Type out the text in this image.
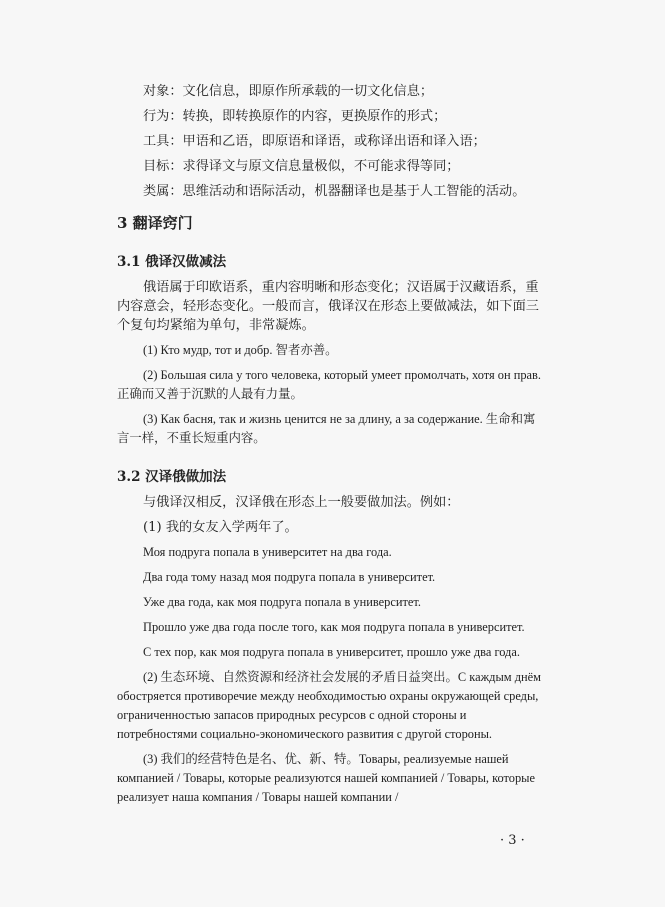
对象：文化信息，即原作所承载的一切文化信息；
行为：转换，即转换原作的内容，更换原作的形式；
工具：甲语和乙语，即原语和译语，或称译出语和译入语；
目标：求得译文与原文信息量极似，不可能求得等同；
类属：思维活动和语际活动，机器翻译也是基于人工智能的活动。
3 翻译窍门
3.1 俄译汉做减法
俄语属于印欧语系，重内容明晰和形态变化；汉语属于汉藏语系，重内容意会，轻形态变化。一般而言，俄译汉在形态上要做减法，如下面三个复句均紧缩为单句，非常凝炼。
(1) Кто мудр, тот и добр. 智者亦善。
(2) Большая сила у того человека, который умеет промолчать, хотя он прав. 正确而又善于沉默的人最有力量。
(3) Как басня, так и жизнь ценится не за длину, а за содержание. 生命和寓言一样，不重长短重内容。
3.2 汉译俄做加法
与俄译汉相反，汉译俄在形态上一般要做加法。例如：
(1) 我的女友入学两年了。
Моя подруга попала в университет на два года.
Два года тому назад моя подруга попала в университет.
Уже два года, как моя подруга попала в университет.
Прошло уже два года после того, как моя подруга попала в университет.
С тех пор, как моя подруга попала в университет, прошло уже два года.
(2) 生态环境、自然资源和经济社会发展的矛盾日益突出。С каждым днём обостряется противоречие между необходимостью охраны окружающей среды, ограниченностью запасов природных ресурсов с одной стороны и потребностями социально-экономического развития с другой стороны.
(3) 我们的经营特色是名、优、新、特。Товары, реализуемые нашей компанией / Товары, которые реализуются нашей компанией / Товары, которые реализует наша компания / Товары нашей компании /
· 3 ·
